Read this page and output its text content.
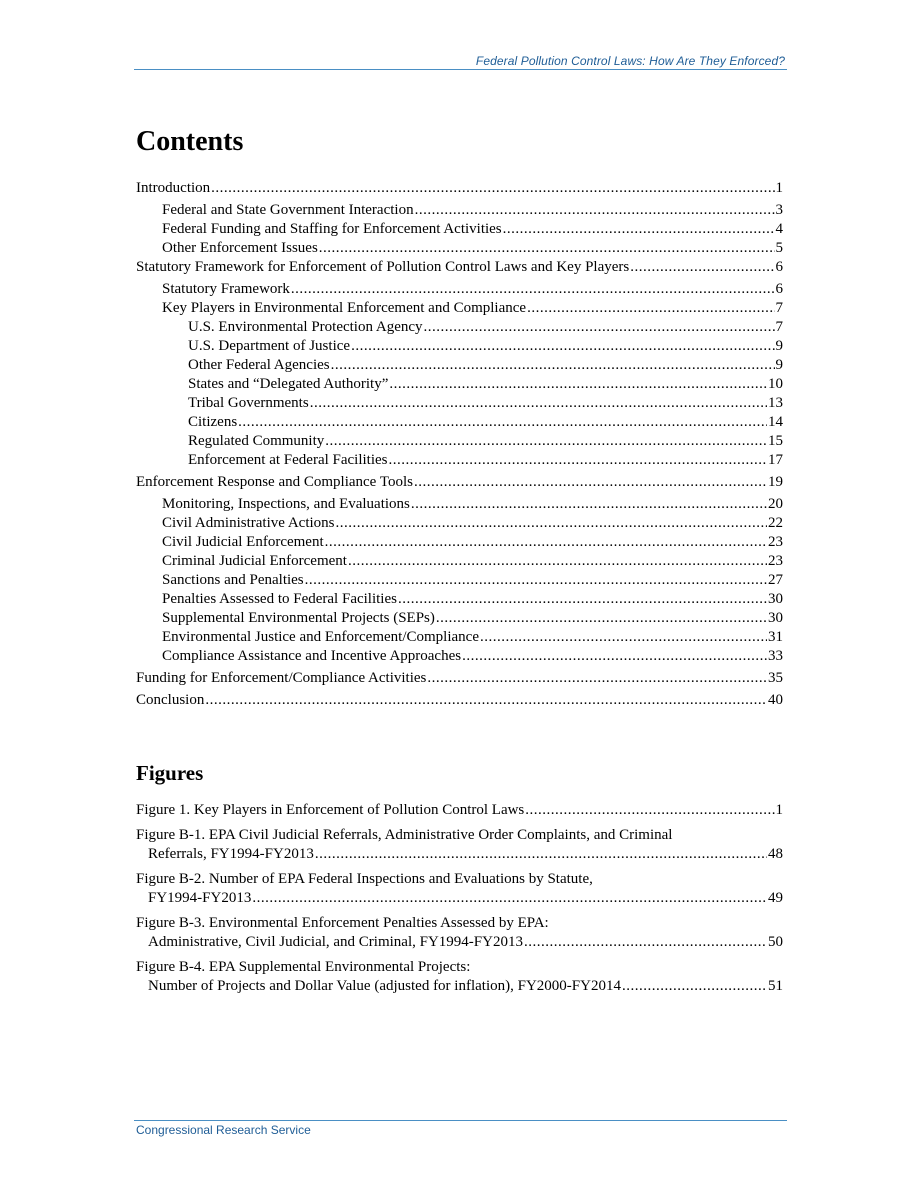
Federal Pollution Control Laws: How Are They Enforced?
Contents
Introduction .....	1
Federal and State Government Interaction .....	3
Federal Funding and Staffing for Enforcement Activities .....	4
Other Enforcement Issues .....	5
Statutory Framework for Enforcement of Pollution Control Laws and Key Players .....	6
Statutory Framework .....	6
Key Players in Environmental Enforcement and Compliance .....	7
U.S. Environmental Protection Agency .....	7
U.S. Department of Justice .....	9
Other Federal Agencies .....	9
States and “Delegated Authority” .....	10
Tribal Governments .....	13
Citizens .....	14
Regulated Community .....	15
Enforcement at Federal Facilities .....	17
Enforcement Response and Compliance Tools .....	19
Monitoring, Inspections, and Evaluations .....	20
Civil Administrative Actions .....	22
Civil Judicial Enforcement .....	23
Criminal Judicial Enforcement .....	23
Sanctions and Penalties .....	27
Penalties Assessed to Federal Facilities .....	30
Supplemental Environmental Projects (SEPs) .....	30
Environmental Justice and Enforcement/Compliance .....	31
Compliance Assistance and Incentive Approaches .....	33
Funding for Enforcement/Compliance Activities .....	35
Conclusion .....	40
Figures
Figure 1. Key Players in Enforcement of Pollution Control Laws .....	1
Figure B-1. EPA Civil Judicial Referrals, Administrative Order Complaints, and Criminal
Referrals, FY1994-FY2013 .....	48
Figure B-2. Number of EPA Federal Inspections and Evaluations by Statute,
FY1994-FY2013 .....	49
Figure B-3. Environmental Enforcement Penalties Assessed by EPA:
Administrative, Civil Judicial, and Criminal, FY1994-FY2013 .....	50
Figure B-4. EPA Supplemental Environmental Projects:
Number of Projects and Dollar Value (adjusted for inflation), FY2000-FY2014 .....	51
Congressional Research Service
